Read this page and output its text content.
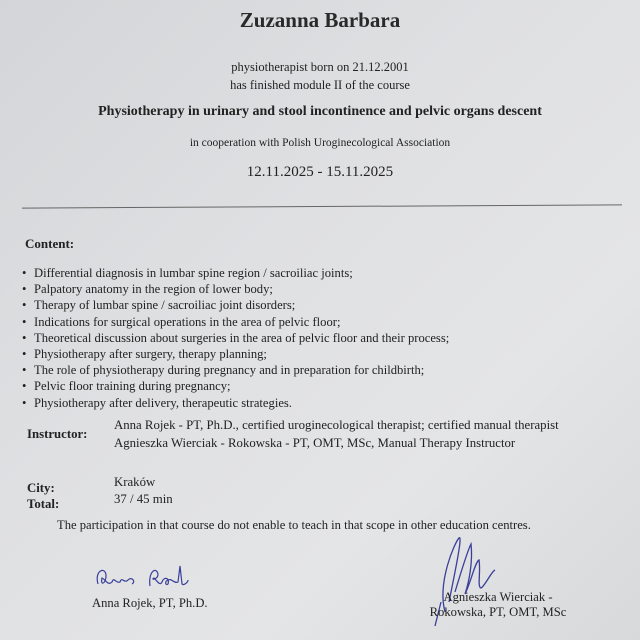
Zuzanna Barbara
physiotherapist born on 21.12.2001
has finished module II of the course
Physiotherapy in urinary and stool incontinence and pelvic organs descent
in cooperation with Polish Uroginecological Association
12.11.2025 - 15.11.2025
Content:
• Differential diagnosis in lumbar spine region / sacroiliac joints;
• Palpatory anatomy in the region of lower body;
• Therapy of lumbar spine / sacroiliac joint disorders;
• Indications for surgical operations in the area of pelvic floor;
• Theoretical discussion about surgeries in the area of pelvic floor and their process;
• Physiotherapy after surgery, therapy planning;
• The role of physiotherapy during pregnancy and in preparation for childbirth;
• Pelvic floor training during pregnancy;
• Physiotherapy after delivery, therapeutic strategies.
Instructor:
Anna Rojek - PT, Ph.D., certified uroginecological therapist; certified manual therapist
Agnieszka Wierciak - Rokowska - PT, OMT, MSc, Manual Therapy Instructor
City:	Kraków
Total:	37 / 45 min
The participation in that course do not enable to teach in that scope in other education centres.
Anna Rojek, PT, Ph.D.	Agnieszka Wierciak -
Rokowska, PT, OMT, MSc
